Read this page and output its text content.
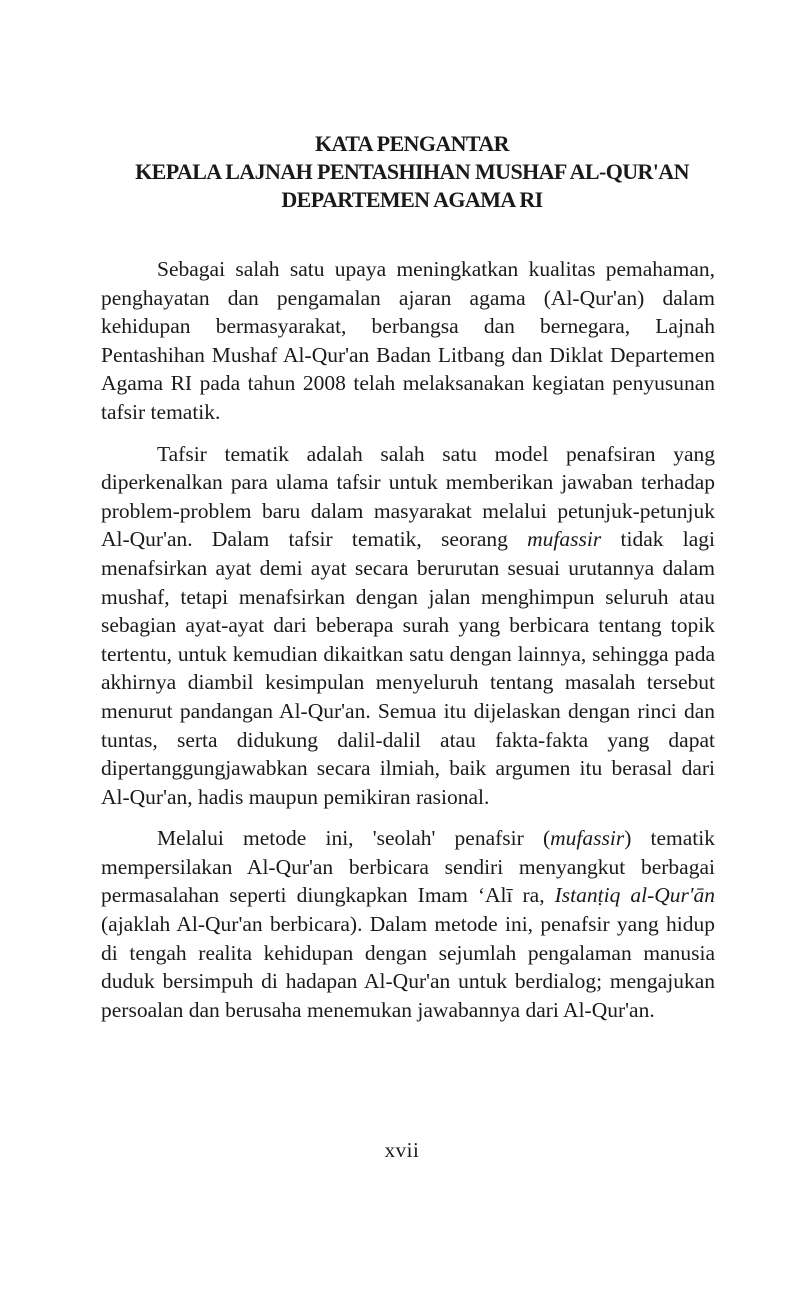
KATA PENGANTAR
KEPALA LAJNAH PENTASHIHAN MUSHAF AL-QUR'AN
DEPARTEMEN AGAMA RI

Sebagai salah satu upaya meningkatkan kualitas pemahaman, penghayatan dan pengamalan ajaran agama (Al-Qur'an) dalam kehidupan bermasyarakat, berbangsa dan bernegara, Lajnah Pentashihan Mushaf Al-Qur'an Badan Litbang dan Diklat Departemen Agama RI pada tahun 2008 telah melaksanakan kegiatan penyusunan tafsir tematik.

Tafsir tematik adalah salah satu model penafsiran yang diperkenalkan para ulama tafsir untuk memberikan jawaban terhadap problem-problem baru dalam masyarakat melalui petunjuk-petunjuk Al-Qur'an. Dalam tafsir tematik, seorang mufassir tidak lagi menafsirkan ayat demi ayat secara berurutan sesuai urutannya dalam mushaf, tetapi menafsirkan dengan jalan menghimpun seluruh atau sebagian ayat-ayat dari beberapa surah yang berbicara tentang topik tertentu, untuk kemudian dikaitkan satu dengan lainnya, sehingga pada akhirnya diambil kesimpulan menyeluruh tentang masalah tersebut menurut pandangan Al-Qur'an. Semua itu dijelaskan dengan rinci dan tuntas, serta didukung dalil-dalil atau fakta-fakta yang dapat dipertanggungjawabkan secara ilmiah, baik argumen itu berasal dari Al-Qur'an, hadis maupun pemikiran rasional.

Melalui metode ini, 'seolah' penafsir (mufassir) tematik mempersilakan Al-Qur'an berbicara sendiri menyangkut berbagai permasalahan seperti diungkapkan Imam ‘Alī ra, Istanṭiq al-Qur'ān (ajaklah Al-Qur'an berbicara). Dalam metode ini, penafsir yang hidup di tengah realita kehidupan dengan sejumlah pengalaman manusia duduk bersimpuh di hadapan Al-Qur'an untuk berdialog; mengajukan persoalan dan berusaha menemukan jawabannya dari Al-Qur'an.

xvii
